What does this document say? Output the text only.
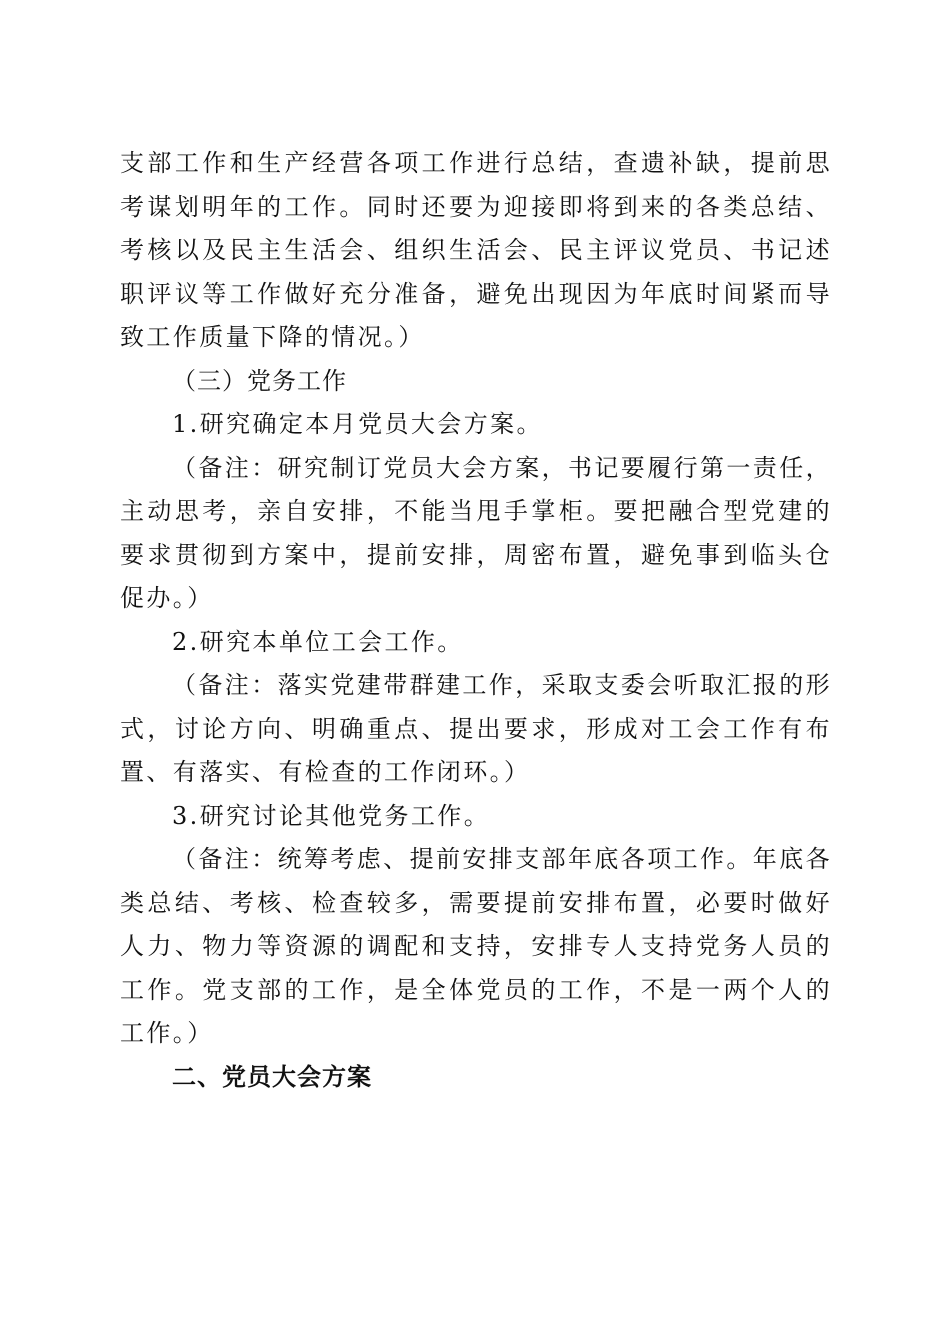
支部工作和生产经营各项工作进行总结，查遗补缺，提前思考谋划明年的工作。同时还要为迎接即将到来的各类总结、考核以及民主生活会、组织生活会、民主评议党员、书记述职评议等工作做好充分准备，避免出现因为年底时间紧而导致工作质量下降的情况。）

（三）党务工作

1.研究确定本月党员大会方案。

（备注：研究制订党员大会方案，书记要履行第一责任，主动思考，亲自安排，不能当甩手掌柜。要把融合型党建的要求贯彻到方案中，提前安排，周密布置，避免事到临头仓促办。）

2.研究本单位工会工作。

（备注：落实党建带群建工作，采取支委会听取汇报的形式，讨论方向、明确重点、提出要求，形成对工会工作有布置、有落实、有检查的工作闭环。）

3.研究讨论其他党务工作。

（备注：统筹考虑、提前安排支部年底各项工作。年底各类总结、考核、检查较多，需要提前安排布置，必要时做好人力、物力等资源的调配和支持，安排专人支持党务人员的工作。党支部的工作，是全体党员的工作，不是一两个人的工作。）

二、党员大会方案
